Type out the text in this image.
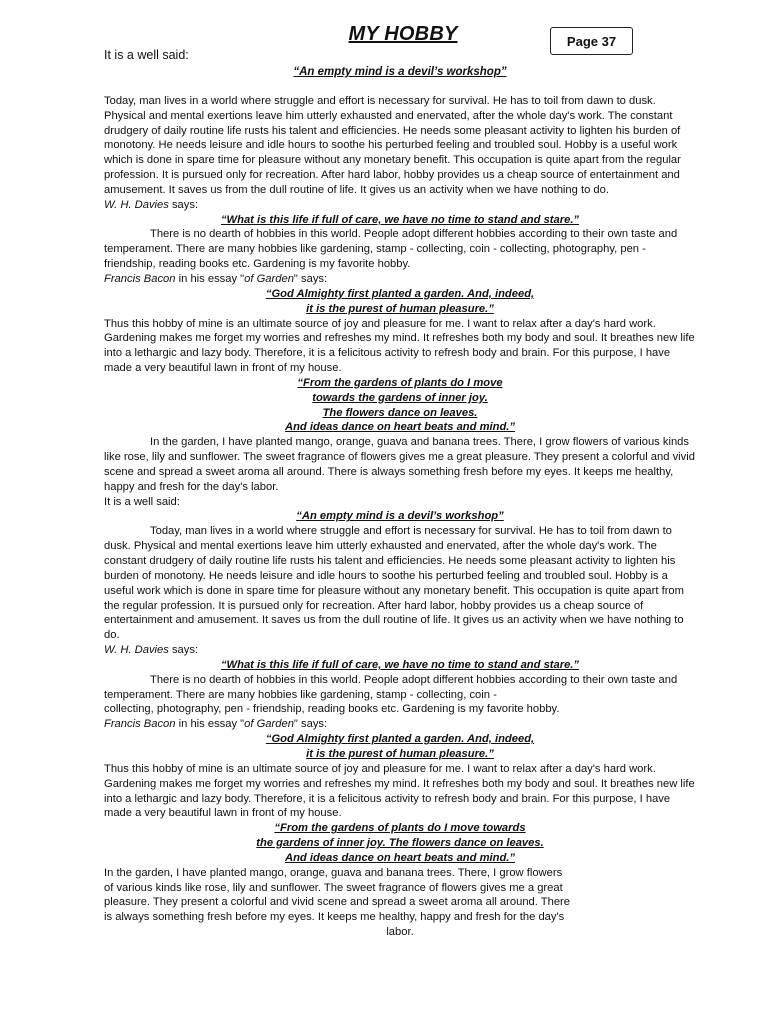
MY HOBBY	Page 37
It is a well said:
“An empty mind is a devil’s workshop”

Today, man lives in a world where struggle and effort is necessary for survival. He has to toil from dawn to dusk. Physical and mental exertions leave him utterly exhausted and enervated, after the whole day's work. The constant drudgery of daily routine life rusts his talent and efficiencies. He needs some pleasant activity to lighten his burden of monotony. He needs leisure and idle hours to soothe his perturbed feeling and troubled soul. Hobby is a useful work which is done in spare time for pleasure without any monetary benefit. This occupation is quite apart from the regular profession. It is pursued only for recreation. After hard labor, hobby provides us a cheap source of entertainment and amusement. It saves us from the dull routine of life. It gives us an activity when we have nothing to do.

W. H. Davies says:

“What is this life if full of care, we have no time to stand and stare.”

There is no dearth of hobbies in this world. People adopt different hobbies according to their own taste and temperament. There are many hobbies like gardening, stamp - collecting, coin - collecting, photography, pen - friendship, reading books etc. Gardening is my favorite hobby.

Francis Bacon in his essay "of Garden" says:

“God Almighty first planted a garden. And, indeed,
it is the purest of human pleasure.”

Thus this hobby of mine is an ultimate source of joy and pleasure for me. I want to relax after a day's hard work. Gardening makes me forget my worries and refreshes my mind. It refreshes both my body and soul. It breathes new life into a lethargic and lazy body. Therefore, it is a felicitous activity to refresh body and brain. For this purpose, I have made a very beautiful lawn in front of my house.

“From the gardens of plants do I move
towards the gardens of inner joy.
The flowers dance on leaves.
And ideas dance on heart beats and mind.”

In the garden, I have planted mango, orange, guava and banana trees. There, I grow flowers of various kinds like rose, lily and sunflower. The sweet fragrance of flowers gives me a great pleasure. They present a colorful and vivid scene and spread a sweet aroma all around. There is always something fresh before my eyes. It keeps me healthy, happy and fresh for the day's labor.

It is a well said:

“An empty mind is a devil’s workshop”

Today, man lives in a world where struggle and effort is necessary for survival. He has to toil from dawn to dusk. Physical and mental exertions leave him utterly exhausted and enervated, after the whole day's work. The constant drudgery of daily routine life rusts his talent and efficiencies. He needs some pleasant activity to lighten his burden of monotony. He needs leisure and idle hours to soothe his perturbed feeling and troubled soul. Hobby is a useful work which is done in spare time for pleasure without any monetary benefit. This occupation is quite apart from the regular profession. It is pursued only for recreation. After hard labor, hobby provides us a cheap source of entertainment and amusement. It saves us from the dull routine of life. It gives us an activity when we have nothing to do.

W. H. Davies says:

“What is this life if full of care, we have no time to stand and stare.”

There is no dearth of hobbies in this world. People adopt different hobbies according to their own taste and temperament. There are many hobbies like gardening, stamp - collecting, coin -
collecting, photography, pen - friendship, reading books etc. Gardening is my favorite hobby.

Francis Bacon in his essay "of Garden" says:

“God Almighty first planted a garden. And, indeed,
it is the purest of human pleasure.”

Thus this hobby of mine is an ultimate source of joy and pleasure for me. I want to relax after a day's hard work. Gardening makes me forget my worries and refreshes my mind. It refreshes both my body and soul. It breathes new life into a lethargic and lazy body. Therefore, it is a felicitous activity to refresh body and brain. For this purpose, I have made a very beautiful lawn in front of my house.

“From the gardens of plants do I move towards
the gardens of inner joy. The flowers dance on leaves.
And ideas dance on heart beats and mind.”

In the garden, I have planted mango, orange, guava and banana trees. There, I grow flowers

of various kinds like rose, lily and sunflower. The sweet fragrance of flowers gives me a great

pleasure. They present a colorful and vivid scene and spread a sweet aroma all around. There

is always something fresh before my eyes. It keeps me healthy, happy and fresh for the day's

labor.
